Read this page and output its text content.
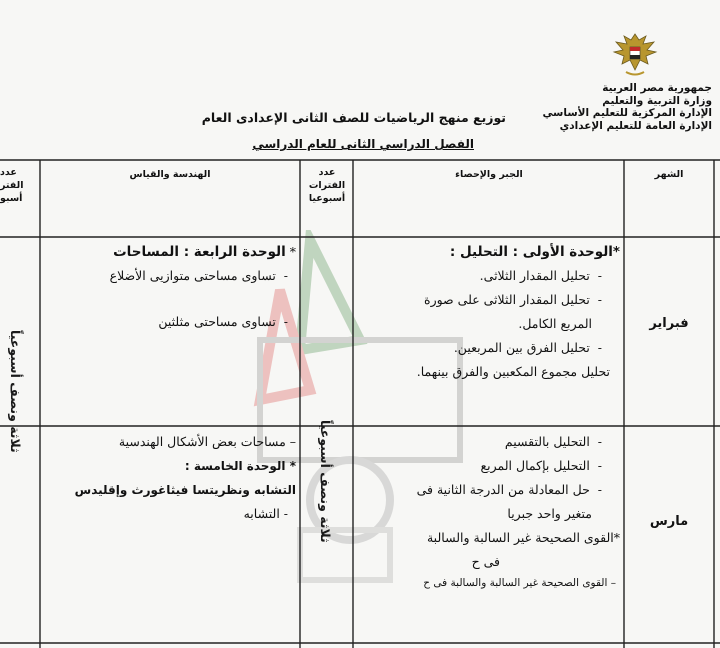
جمهورية مصر العربية
وزارة التربية والتعليم
الإدارة المركزية للتعليم الأساسي
الإدارة العامة للتعليم الإعدادي
توزيع منهج الرياضيات للصف الثانى الإعدادى العام
الفصل الدراسي الثانى للعام الدراسي
الشهر
الجبر والإحصاء
عدد
الفترات
أسبوعيا
الهندسة والقياس
عدد
الفتر
أسبو
فبراير
*الوحدة الأولى : التحليل :
-  تحليل المقدار الثلاثى.
-  تحليل المقدار الثلاثى على صورة
المربع الكامل.
-  تحليل الفرق بين المربعين.
تحليل مجموع المكعبين والفرق بينهما.
* الوحدة الرابعة : المساحات
-  تساوى مساحتى متوازيى الأضلاع
-  تساوى مساحتى مثلثين
مارس
-  التحليل بالتقسيم
-  التحليل بإكمال المربع
-  حل المعادلة من الدرجة الثانية فى
متغير واحد جبريا
*القوى الصحيحة غير السالبة والسالبة
فى ح
– القوى الصحيحة غير السالبة والسالبة فى ح
– مساحات بعض الأشكال الهندسية
* الوحدة الخامسة :
التشابه ونظريتسا فيثاغورث وإقليدس
- التشابه ثلاثة ونصف أسبوعياً
ثلاثة ونصف أسبوعياً
